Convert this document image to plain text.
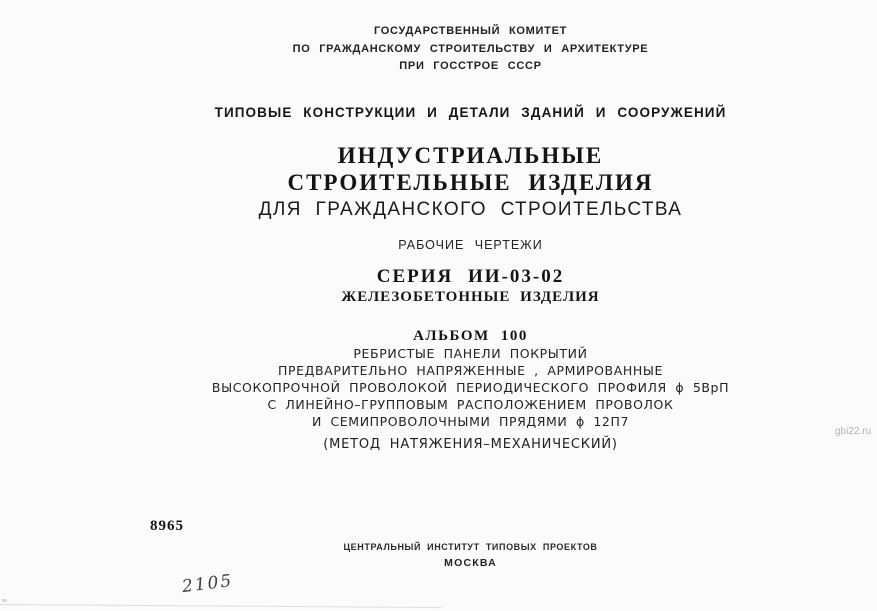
ГОСУДАРСТВЕННЫЙ КОМИТЕТ
ПО ГРАЖДАНСКОМУ СТРОИТЕЛЬСТВУ И АРХИТЕКТУРЕ
ПРИ ГОССТРОЕ СССР
ТИПОВЫЕ КОНСТРУКЦИИ И ДЕТАЛИ ЗДАНИЙ И СООРУЖЕНИЙ
ИНДУСТРИАЛЬНЫЕ
СТРОИТЕЛЬНЫЕ ИЗДЕЛИЯ
ДЛЯ ГРАЖДАНСКОГО СТРОИТЕЛЬСТВА
РАБОЧИЕ ЧЕРТЕЖИ
СЕРИЯ ИИ-03-02
ЖЕЛЕЗОБЕТОННЫЕ ИЗДЕЛИЯ
АЛЬБОМ 100
РЕБРИСТЫЕ ПАНЕЛИ ПОКРЫТИЙ
ПРЕДВАРИТЕЛЬНО НАПРЯЖЕННЫЕ , АРМИРОВАННЫЕ
ВЫСОКОПРОЧНОЙ ПРОВОЛОКОЙ ПЕРИОДИЧЕСКОГО ПРОФИЛЯ ϕ 5ВрП
С ЛИНЕЙНО–ГРУППОВЫМ РАСПОЛОЖЕНИЕМ ПРОВОЛОК
И СЕМИПРОВОЛОЧНЫМИ ПРЯДЯМИ ϕ 12П7
(МЕТОД НАТЯЖЕНИЯ–МЕХАНИЧЕСКИЙ)
8965
ЦЕНТРАЛЬНЫЙ ИНСТИТУТ ТИПОВЫХ ПРОЕКТОВ
МОСКВА
2105
gbi22.ru
